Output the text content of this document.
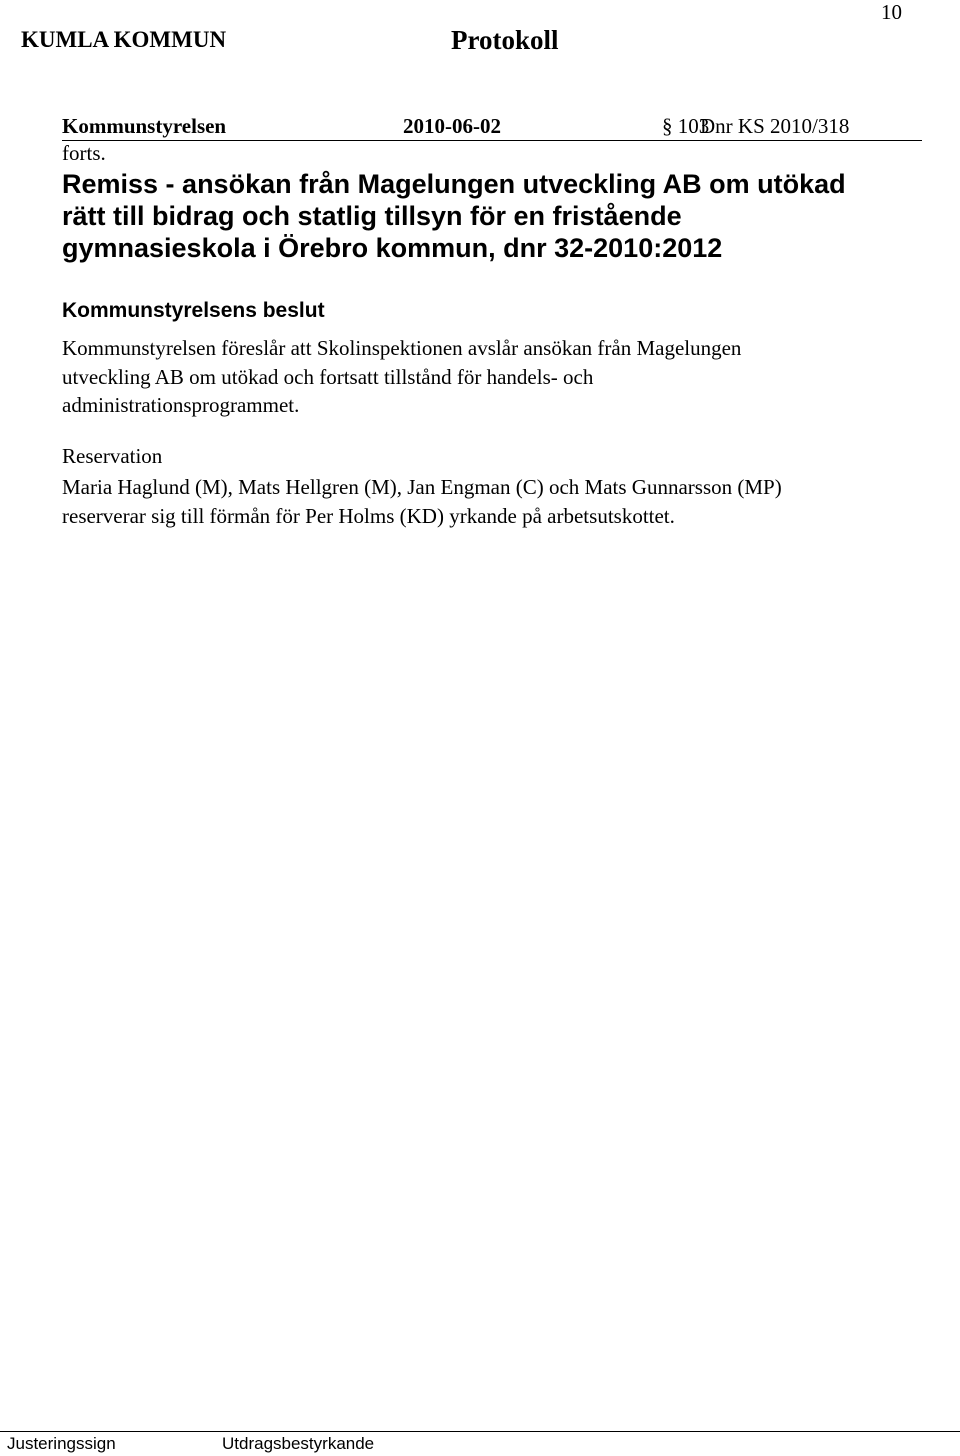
10
KUMLA KOMMUN	Protokoll
Kommunstyrelsen	2010-06-02	§ 103
Dnr KS 2010/318
forts.
Remiss - ansökan från Magelungen utveckling AB om utökad
rätt till bidrag och statlig tillsyn för en fristående
gymnasieskola i Örebro kommun, dnr 32-2010:2012
Kommunstyrelsens beslut
Kommunstyrelsen föreslår att Skolinspektionen avslår ansökan från Magelungen
utveckling AB om utökad och fortsatt tillstånd för handels- och
administrationsprogrammet.
Reservation
Maria Haglund (M), Mats Hellgren (M), Jan Engman (C) och Mats Gunnarsson (MP)
reserverar sig till förmån för Per Holms (KD) yrkande på arbetsutskottet.
Justeringssign	Utdragsbestyrkande
